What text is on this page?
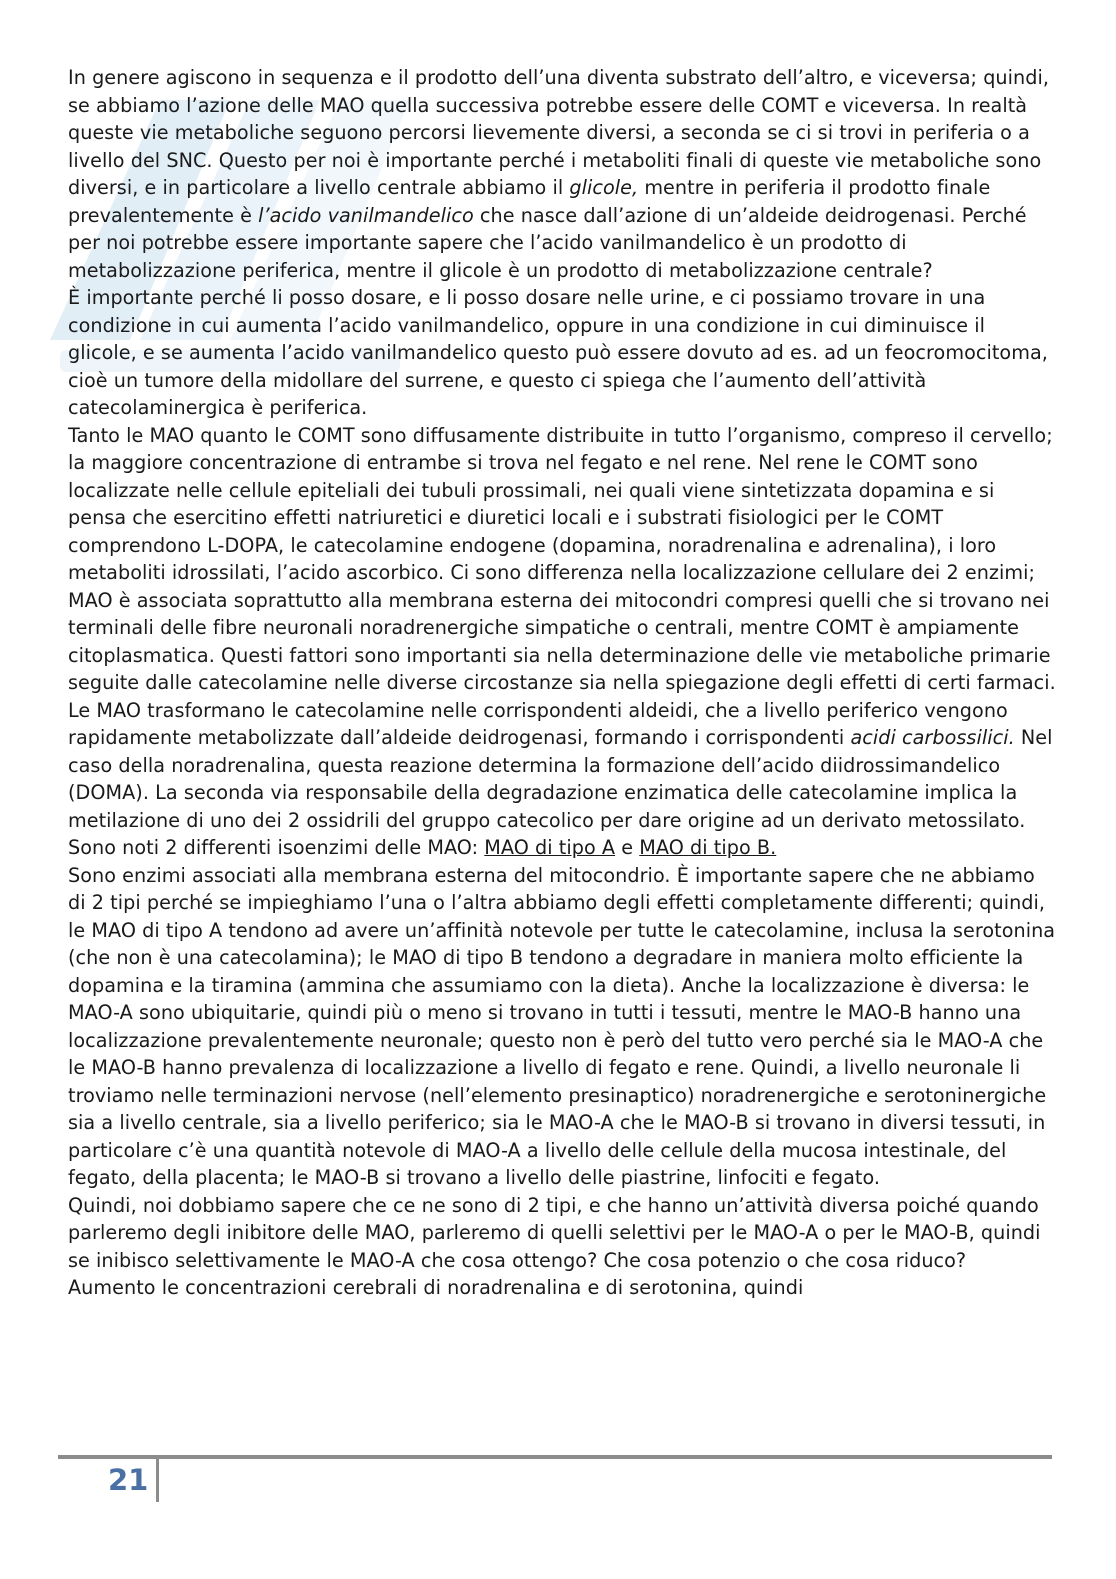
In genere agiscono in sequenza e il prodotto dell’una diventa substrato dell’altro, e viceversa; quindi, se abbiamo l’azione delle MAO quella successiva potrebbe essere delle COMT e viceversa. In realtà queste vie metaboliche seguono percorsi lievemente diversi, a seconda se ci si trovi in periferia o a livello del SNC. Questo per noi è importante perché i metaboliti finali di queste vie metaboliche sono diversi, e in particolare a livello centrale abbiamo il glicole, mentre in periferia il prodotto finale prevalentemente è l’acido vanilmandelico che nasce dall’azione di un’aldeide deidrogenasi. Perché per noi potrebbe essere importante sapere che l’acido vanilmandelico è un prodotto di metabolizzazione periferica, mentre il glicole è un prodotto di metabolizzazione centrale?

È importante perché li posso dosare, e li posso dosare nelle urine, e ci possiamo trovare in una condizione in cui aumenta l’acido vanilmandelico, oppure in una condizione in cui diminuisce il glicole, e se aumenta l’acido vanilmandelico questo può essere dovuto ad es. ad un feocromocitoma, cioè un tumore della midollare del surrene, e questo ci spiega che l’aumento dell’attività catecolaminergica è periferica.

Tanto le MAO quanto le COMT sono diffusamente distribuite in tutto l’organismo, compreso il cervello; la maggiore concentrazione di entrambe si trova nel fegato e nel rene. Nel rene le COMT sono localizzate nelle cellule epiteliali dei tubuli prossimali, nei quali viene sintetizzata dopamina e si pensa che esercitino effetti natriuretici e diuretici locali e i substrati fisiologici per le COMT comprendono L-DOPA, le catecolamine endogene (dopamina, noradrenalina e adrenalina), i loro metaboliti idrossilati, l’acido ascorbico. Ci sono differenza nella localizzazione cellulare dei 2 enzimi; MAO è associata soprattutto alla membrana esterna dei mitocondri compresi quelli che si trovano nei terminali delle fibre neuronali noradrenergiche simpatiche o centrali, mentre COMT è ampiamente citoplasmatica. Questi fattori sono importanti sia nella determinazione delle vie metaboliche primarie seguite dalle catecolamine nelle diverse circostanze sia nella spiegazione degli effetti di certi farmaci.

Le MAO trasformano le catecolamine nelle corrispondenti aldeidi, che a livello periferico vengono rapidamente metabolizzate dall’aldeide deidrogenasi, formando i corrispondenti acidi carbossilici. Nel caso della noradrenalina, questa reazione determina la formazione dell’acido diidrossimandelico (DOMA). La seconda via responsabile della degradazione enzimatica delle catecolamine implica la metilazione di uno dei 2 ossidrili del gruppo catecolico per dare origine ad un derivato metossilato.

Sono noti 2 differenti isoenzimi delle MAO: MAO di tipo A e MAO di tipo B.

Sono enzimi associati alla membrana esterna del mitocondrio. È importante sapere che ne abbiamo di 2 tipi perché se impieghiamo l’una o l’altra abbiamo degli effetti completamente differenti; quindi, le MAO di tipo A tendono ad avere un’affinità notevole per tutte le catecolamine, inclusa la serotonina (che non è una catecolamina); le MAO di tipo B tendono a degradare in maniera molto efficiente la dopamina e la tiramina (ammina che assumiamo con la dieta). Anche la localizzazione è diversa: le MAO-A sono ubiquitarie, quindi più o meno si trovano in tutti i tessuti, mentre le MAO-B hanno una localizzazione prevalentemente neuronale; questo non è però del tutto vero perché sia le MAO-A che le MAO-B hanno prevalenza di localizzazione a livello di fegato e rene. Quindi, a livello neuronale li troviamo nelle terminazioni nervose (nell’elemento presinaptico) noradrenergiche e serotoninergiche sia a livello centrale, sia a livello periferico; sia le MAO-A che le MAO-B si trovano in diversi tessuti, in particolare c’è una quantità notevole di MAO-A a livello delle cellule della mucosa intestinale, del fegato, della placenta; le MAO-B si trovano a livello delle piastrine, linfociti e fegato.

Quindi, noi dobbiamo sapere che ce ne sono di 2 tipi, e che hanno un’attività diversa poiché quando parleremo degli inibitore delle MAO, parleremo di quelli selettivi per le MAO-A o per le MAO-B, quindi se inibisco selettivamente le MAO-A che cosa ottengo? Che cosa potenzio o che cosa riduco? Aumento le concentrazioni cerebrali di noradrenalina e di serotonina, quindi

21
